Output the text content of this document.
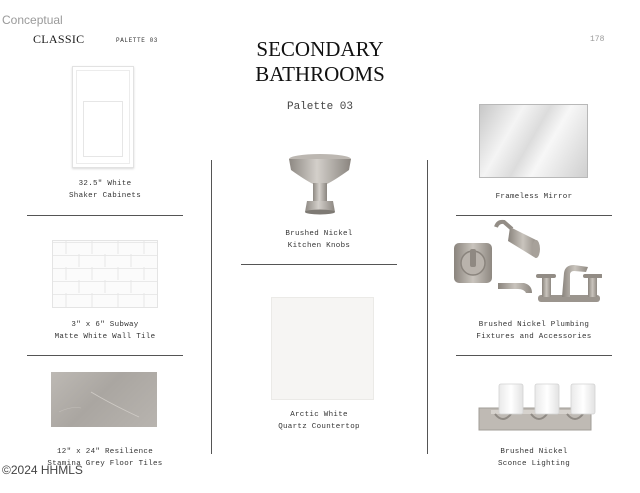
Conceptual
CLASSIC	PALETTE 03	178
SECONDARY
BATHROOMS
Palette 03
32.5" White
Shaker Cabinets
3" x 6" Subway
Matte White Wall Tile
12" x 24" Resilience
Stamina Grey Floor Tiles
Brushed Nickel
Kitchen Knobs
Arctic White
Quartz Countertop
Frameless Mirror
Brushed Nickel Plumbing
Fixtures and Accessories
Brushed Nickel
Sconce Lighting
©2024 HHMLS
